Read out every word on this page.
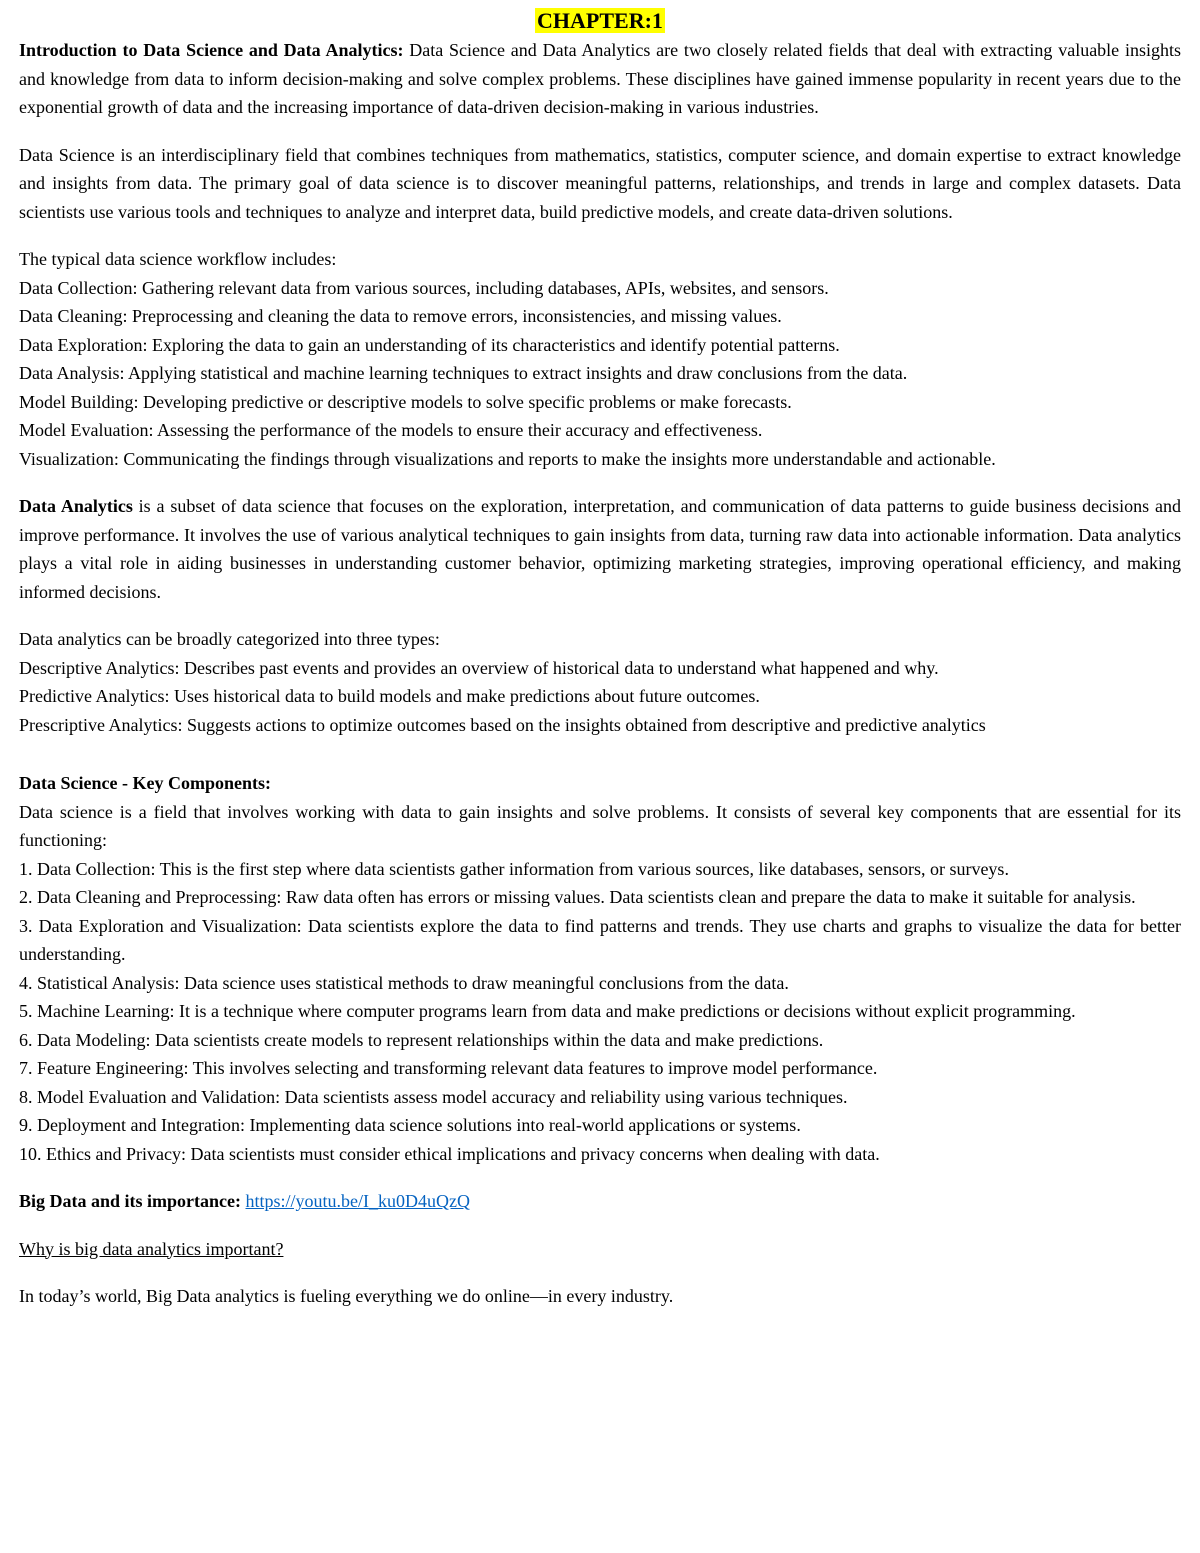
CHAPTER:1

Introduction to Data Science and Data Analytics: Data Science and Data Analytics are two closely related fields that deal with extracting valuable insights and knowledge from data to inform decision-making and solve complex problems. These disciplines have gained immense popularity in recent years due to the exponential growth of data and the increasing importance of data-driven decision-making in various industries.

Data Science is an interdisciplinary field that combines techniques from mathematics, statistics, computer science, and domain expertise to extract knowledge and insights from data. The primary goal of data science is to discover meaningful patterns, relationships, and trends in large and complex datasets. Data scientists use various tools and techniques to analyze and interpret data, build predictive models, and create data-driven solutions.

The typical data science workflow includes:
Data Collection: Gathering relevant data from various sources, including databases, APIs, websites, and sensors.
Data Cleaning: Preprocessing and cleaning the data to remove errors, inconsistencies, and missing values.
Data Exploration: Exploring the data to gain an understanding of its characteristics and identify potential patterns.
Data Analysis: Applying statistical and machine learning techniques to extract insights and draw conclusions from the data.
Model Building: Developing predictive or descriptive models to solve specific problems or make forecasts.
Model Evaluation: Assessing the performance of the models to ensure their accuracy and effectiveness.

Visualization: Communicating the findings through visualizations and reports to make the insights more understandable and actionable.

Data Analytics is a subset of data science that focuses on the exploration, interpretation, and communication of data patterns to guide business decisions and improve performance. It involves the use of various analytical techniques to gain insights from data, turning raw data into actionable information. Data analytics plays a vital role in aiding businesses in understanding customer behavior, optimizing marketing strategies, improving operational efficiency, and making informed decisions.

Data analytics can be broadly categorized into three types:
Descriptive Analytics: Describes past events and provides an overview of historical data to understand what happened and why.
Predictive Analytics: Uses historical data to build models and make predictions about future outcomes.
Prescriptive Analytics: Suggests actions to optimize outcomes based on the insights obtained from descriptive and predictive analytics
Data Science - Key Components:

Data science is a field that involves working with data to gain insights and solve problems. It consists of several key components that are essential for its functioning:

1. Data Collection: This is the first step where data scientists gather information from various sources, like databases, sensors, or surveys.

2. Data Cleaning and Preprocessing: Raw data often has errors or missing values. Data scientists clean and prepare the data to make it suitable for analysis.

3. Data Exploration and Visualization: Data scientists explore the data to find patterns and trends. They use charts and graphs to visualize the data for better understanding.

4. Statistical Analysis: Data science uses statistical methods to draw meaningful conclusions from the data.

5. Machine Learning: It is a technique where computer programs learn from data and make predictions or decisions without explicit programming.

6. Data Modeling: Data scientists create models to represent relationships within the data and make predictions.

7. Feature Engineering: This involves selecting and transforming relevant data features to improve model performance.

8. Model Evaluation and Validation: Data scientists assess model accuracy and reliability using various techniques.

9. Deployment and Integration: Implementing data science solutions into real-world applications or systems.

10. Ethics and Privacy: Data scientists must consider ethical implications and privacy concerns when dealing with data.

Big Data and its importance: https://youtu.be/I_ku0D4uQzQ

Why is big data analytics important?

In today’s world, Big Data analytics is fueling everything we do online—in every industry.
